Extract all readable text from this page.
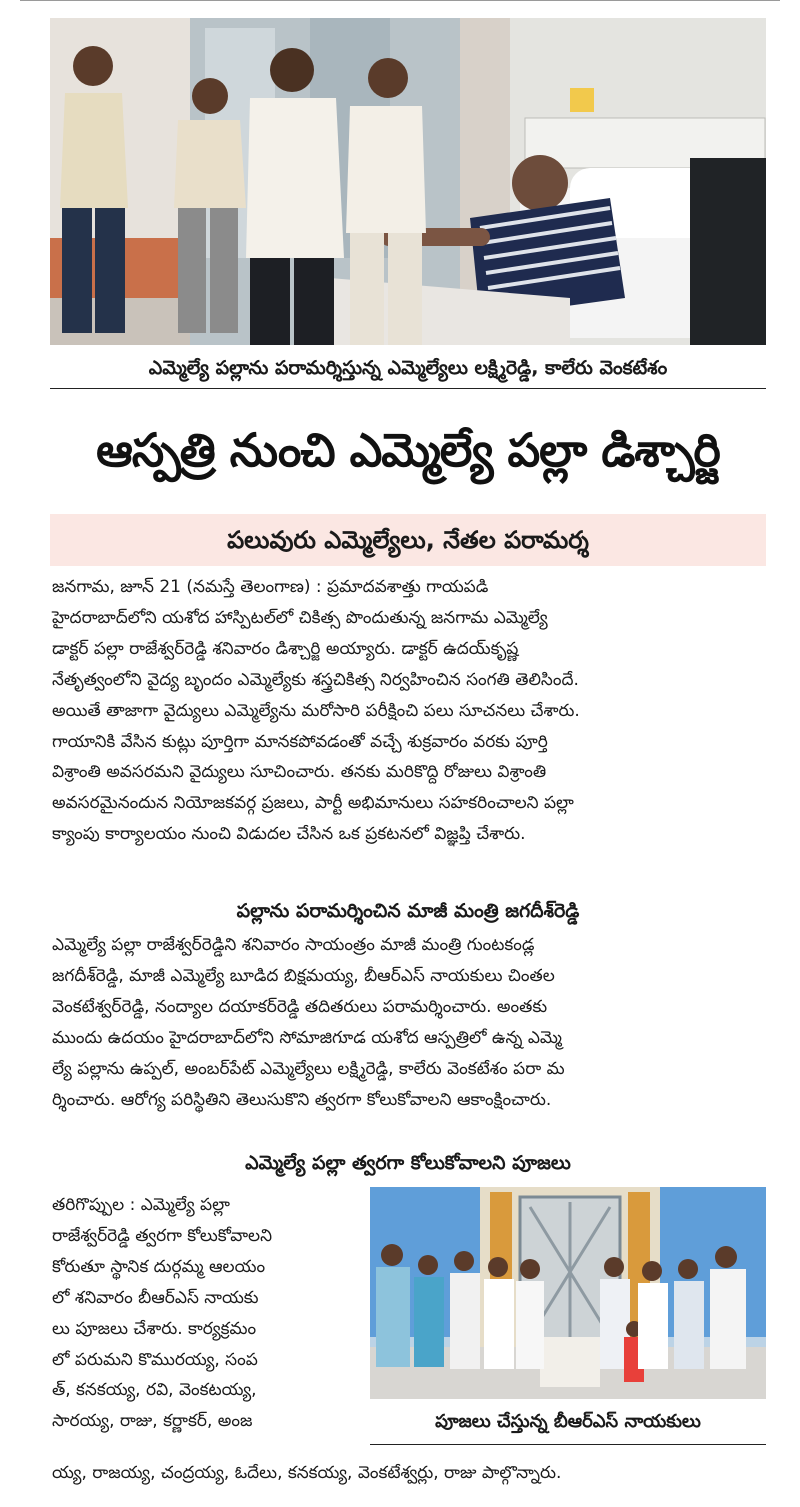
ఎమ్మెల్యే పల్లాను పరామర్శిస్తున్న ఎమ్మెల్యేలు లక్ష్మిరెడ్డి, కాలేరు వెంకటేశం
ఆస్పత్రి నుంచి ఎమ్మెల్యే పల్లా డిశ్చార్జి
పలువురు ఎమ్మెల్యేలు, నేతల పరామర్శ

జనగామ, జూన్ 21 (నమస్తే తెలంగాణ) : ప్రమాదవశాత్తు గాయపడి
హైదరాబాద్‌లోని యశోద హాస్పిటల్‌లో చికిత్స పొందుతున్న జనగామ ఎమ్మెల్యే
డాక్టర్ పల్లా రాజేశ్వర్‌రెడ్డి శనివారం డిశ్చార్జి అయ్యారు. డాక్టర్ ఉదయ్‌కృష్ణ
నేతృత్వంలోని వైద్య బృందం ఎమ్మెల్యేకు శస్త్రచికిత్స నిర్వహించిన సంగతి తెలిసిందే.
అయితే తాజాగా వైద్యులు ఎమ్మెల్యేను మరోసారి పరీక్షించి పలు సూచనలు చేశారు.
గాయానికి వేసిన కుట్లు పూర్తిగా మానకపోవడంతో వచ్చే శుక్రవారం వరకు పూర్తి
విశ్రాంతి అవసరమని వైద్యులు సూచించారు. తనకు మరికొద్ది రోజులు విశ్రాంతి
అవసరమైనందున నియోజకవర్గ ప్రజలు, పార్టీ అభిమానులు సహకరించాలని పల్లా
క్యాంపు కార్యాలయం నుంచి విడుదల చేసిన ఒక ప్రకటనలో విజ్ఞప్తి చేశారు.

పల్లాను పరామర్శించిన మాజీ మంత్రి జగదీశ్‌రెడ్డి

ఎమ్మెల్యే పల్లా రాజేశ్వర్‌రెడ్డిని శనివారం సాయంత్రం మాజీ మంత్రి గుంటకండ్ల
జగదీశ్‌రెడ్డి, మాజీ ఎమ్మెల్యే బూడిద బిక్షమయ్య, బీఆర్‌ఎస్ నాయకులు చింతల
వెంకటేశ్వర్‌రెడ్డి, నంద్యాల దయాకర్‌రెడ్డి తదితరులు పరామర్శించారు. అంతకు
ముందు ఉదయం హైదరాబాద్‌లోని సోమాజిగూడ యశోద ఆస్పత్రిలో ఉన్న ఎమ్మె
ల్యే పల్లాను ఉప్పల్, అంబర్‌పేట్ ఎమ్మెల్యేలు లక్ష్మిరెడ్డి, కాలేరు వెంకటేశం పరా మ
ర్శించారు. ఆరోగ్య పరిస్థితిని తెలుసుకొని త్వరగా కోలుకోవాలని ఆకాంక్షించారు.

ఎమ్మెల్యే పల్లా త్వరగా కోలుకోవాలని పూజలు

తరిగొప్పుల : ఎమ్మెల్యే పల్లా
రాజేశ్వర్‌రెడ్డి త్వరగా కోలుకోవాలని
కోరుతూ స్థానిక దుర్గమ్మ ఆలయం
లో శనివారం బీఆర్‌ఎస్ నాయకు
లు పూజలు చేశారు. కార్యక్రమం
లో పరుమని కొమురయ్య, సంప
త్, కనకయ్య, రవి, వెంకటయ్య,
సారయ్య, రాజు, కర్ణాకర్, అంజ	పూజలు చేస్తున్న బీఆర్‌ఎస్ నాయకులు

య్య, రాజయ్య, చంద్రయ్య, ఓదేలు, కనకయ్య, వెంకటేశ్వర్లు, రాజు పాల్గొన్నారు.
